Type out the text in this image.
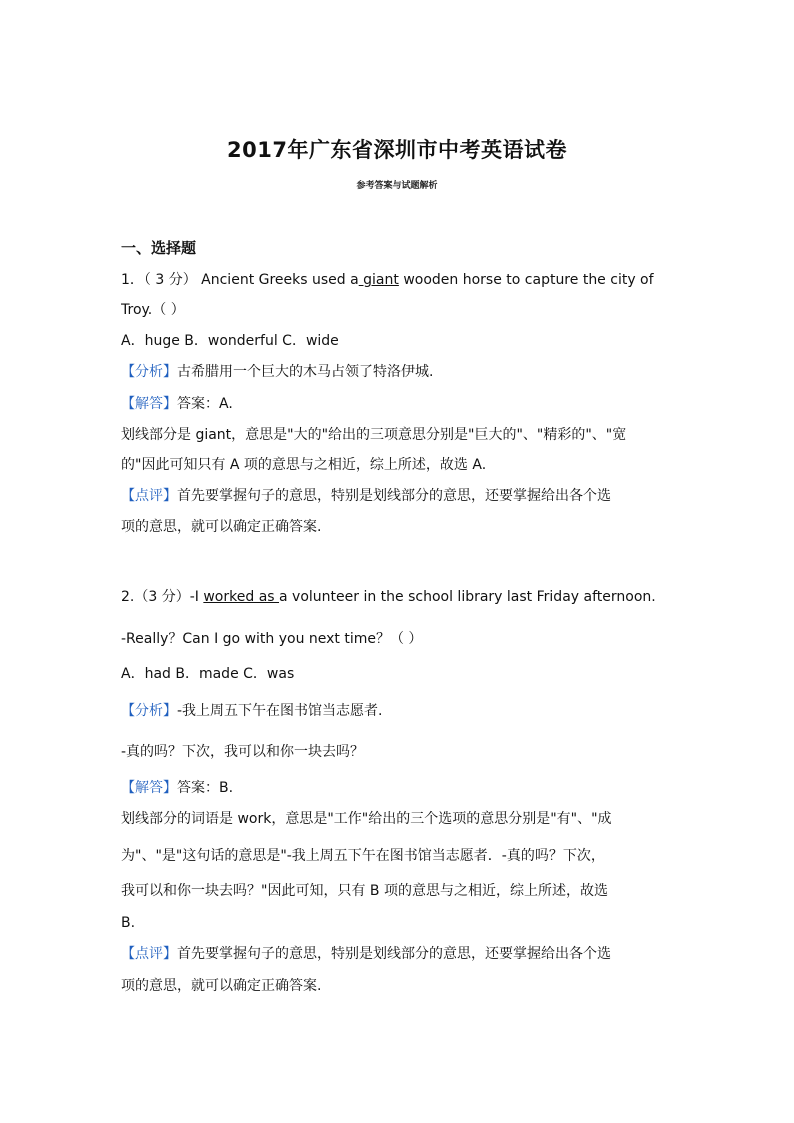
2017年广东省深圳市中考英语试卷
参考答案与试题解析
一、选择题
1．（ 3 分） Ancient Greeks used a giant wooden horse to capture the city of
Troy.（ ）
A．huge B．wonderful C．wide
【分析】古希腊用一个巨大的木马占领了特洛伊城.
【解答】答案：A.
划线部分是 giant，意思是"大的"给出的三项意思分别是"巨大的"、"精彩的"、"宽
的"因此可知只有 A 项的意思与之相近，综上所述，故选 A.
【点评】首先要掌握句子的意思，特别是划线部分的意思，还要掌握给出各个选
项的意思，就可以确定正确答案.
2.（3 分）-I worked as a volunteer in the school library last Friday afternoon.
-Really？Can I go with you next time？（ ）
A．had B．made C．was
【分析】-我上周五下午在图书馆当志愿者.
-真的吗？下次，我可以和你一块去吗？
【解答】答案：B.
划线部分的词语是 work，意思是"工作"给出的三个选项的意思分别是"有"、"成
为"、"是"这句话的意思是"-我上周五下午在图书馆当志愿者．-真的吗？下次，
我可以和你一块去吗？"因此可知，只有 B 项的意思与之相近，综上所述，故选
B.
【点评】首先要掌握句子的意思，特别是划线部分的意思，还要掌握给出各个选
项的意思，就可以确定正确答案.
